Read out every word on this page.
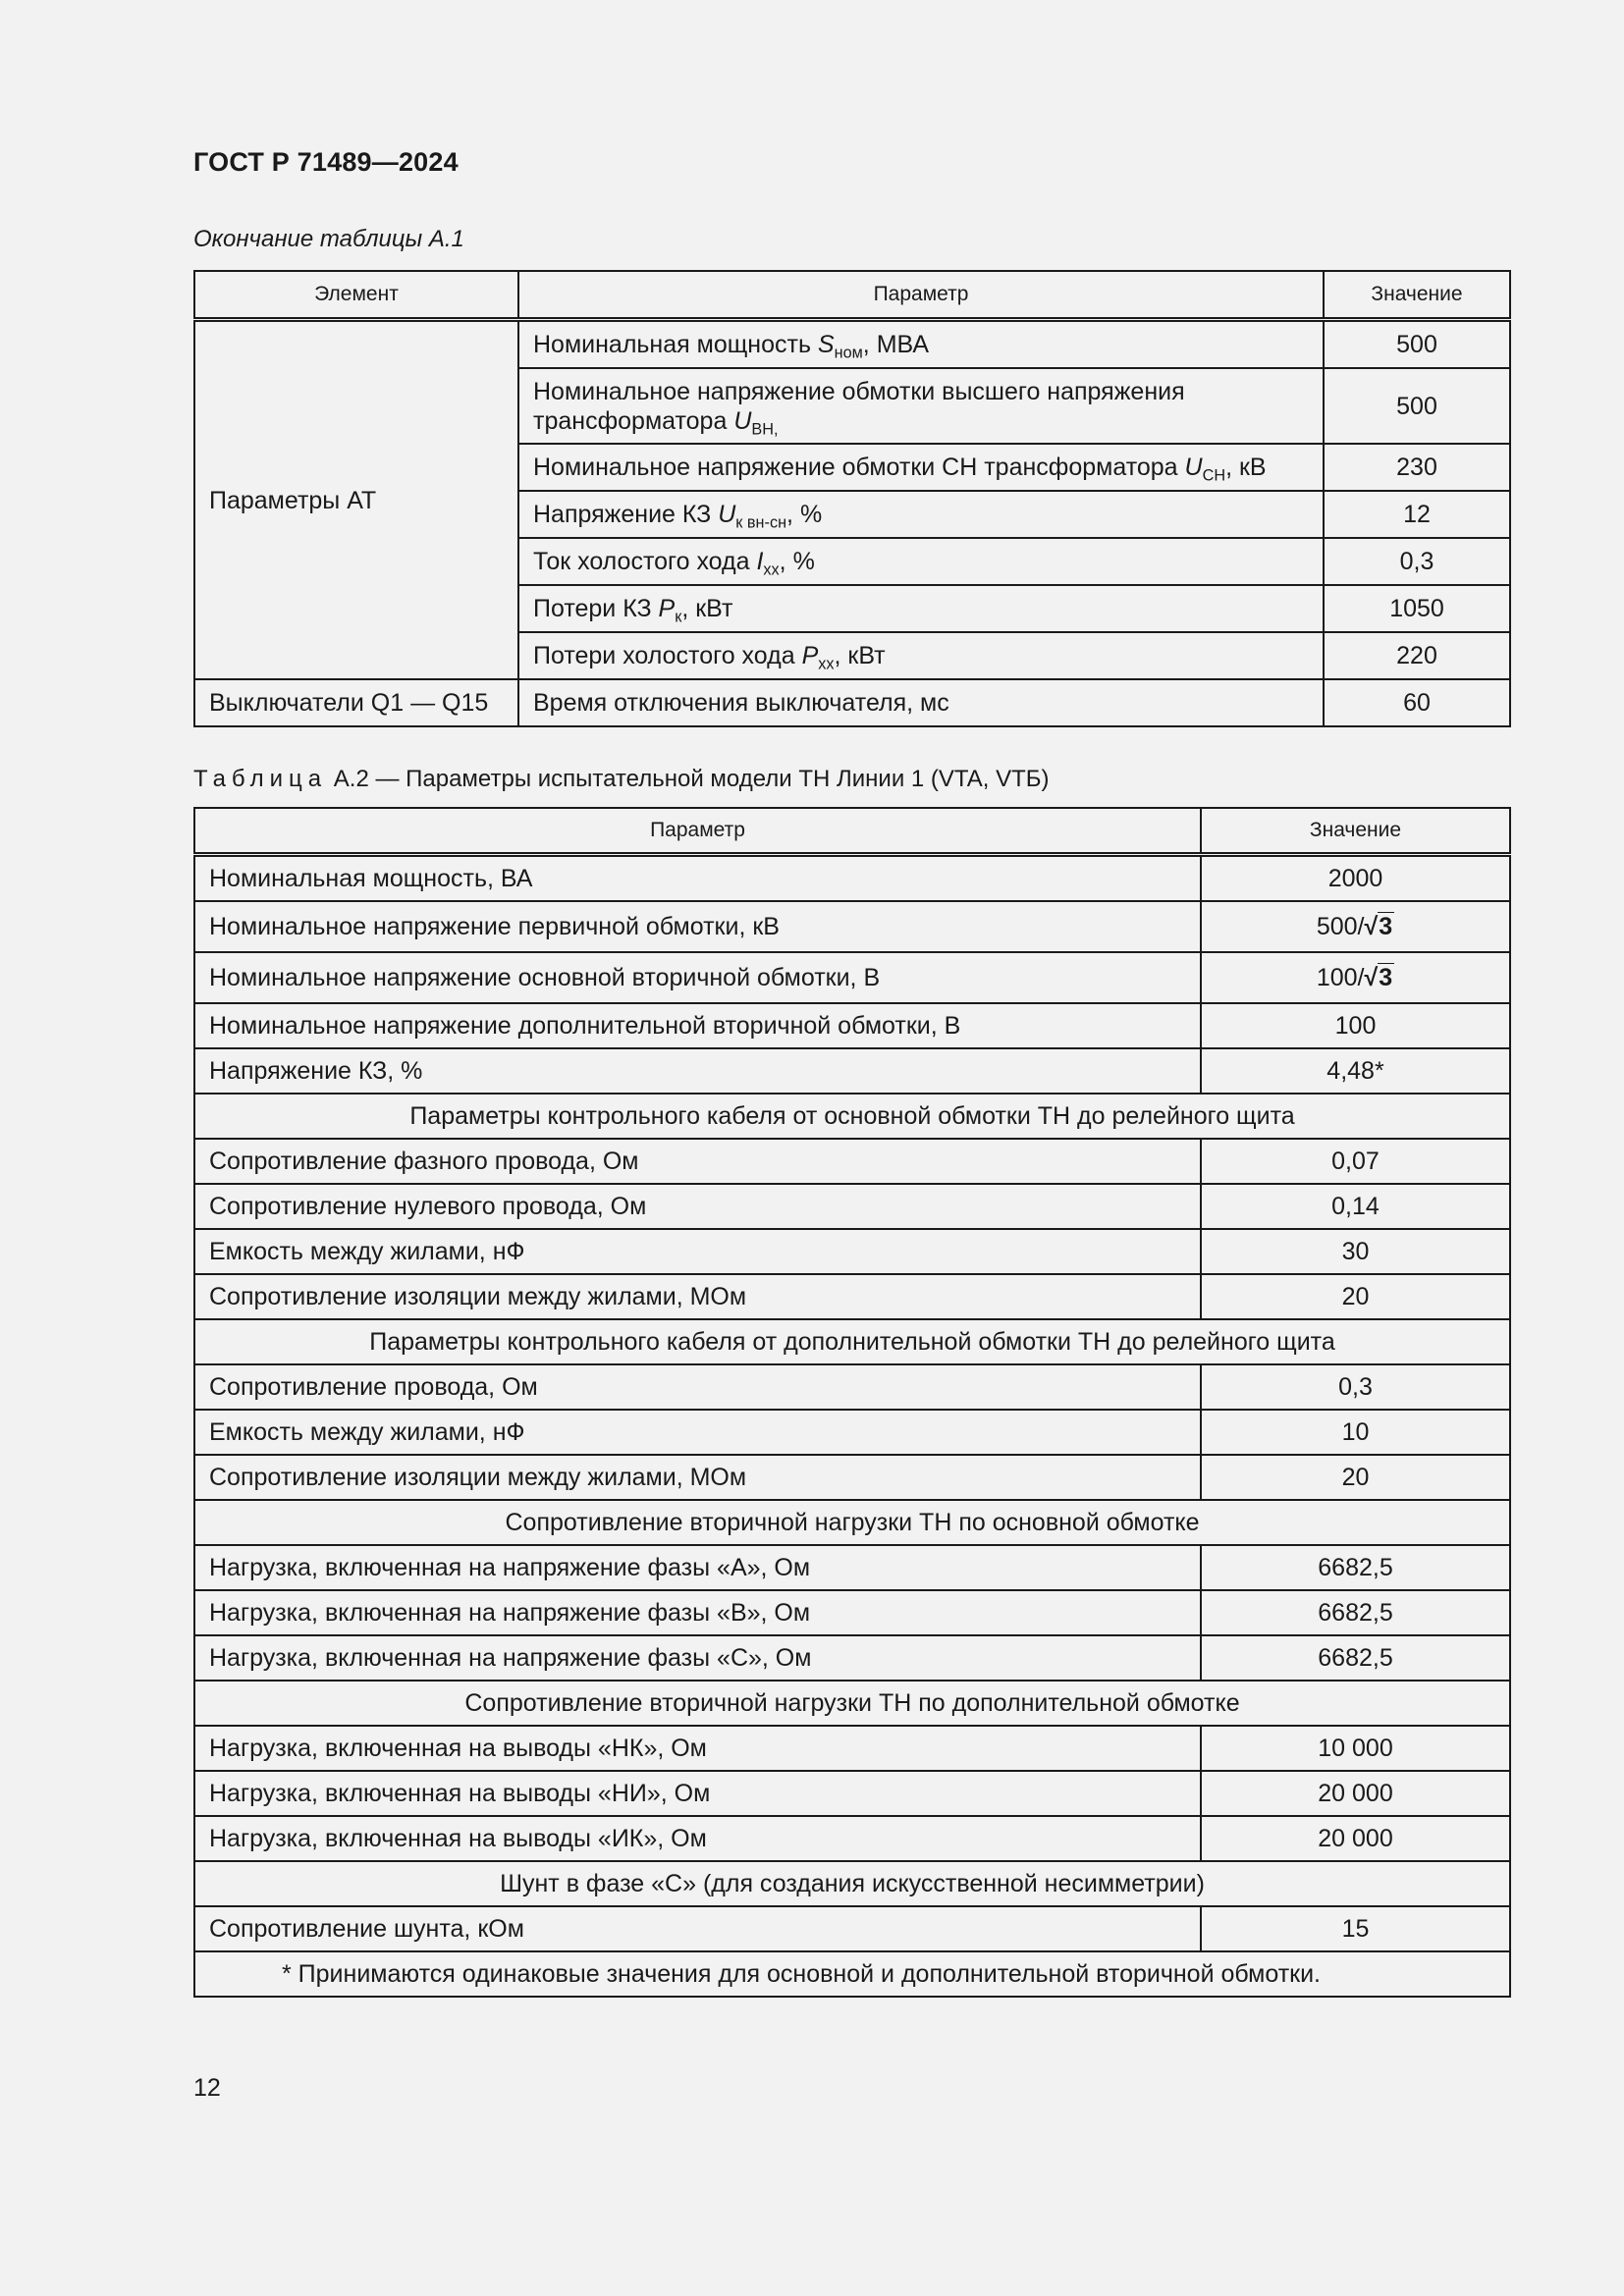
ГОСТ Р 71489—2024
Окончание таблицы А.1
Элемент	Параметр	Значение
Параметры АТ	Номинальная мощность $S_{ном}$, МВА	500
	Номинальное напряжение обмотки высшего напряжения трансформатора $U_{ВН,}$	500
	Номинальное напряжение обмотки СН трансформатора $U_{СН}$, кВ	230
	Напряжение КЗ $U_{к вн-сн}$, %	12
	Ток холостого хода $I_{хх}$, %	0,3
	Потери КЗ $P_к$, кВт	1050
	Потери холостого хода $P_{хх}$, кВт	220
Выключатели Q1 — Q15	Время отключения выключателя, мс	60
Таблица А.2 — Параметры испытательной модели ТН Линии 1 (VTA, VTБ)
Параметр	Значение
Номинальная мощность, ВА	2000
Номинальное напряжение первичной обмотки, кВ	500/√3
Номинальное напряжение основной вторичной обмотки, В	100/√3
Номинальное напряжение дополнительной вторичной обмотки, В	100
Напряжение КЗ, %	4,48*
Параметры контрольного кабеля от основной обмотки ТН до релейного щита	
Сопротивление фазного провода, Ом	0,07
Сопротивление нулевого провода, Ом	0,14
Емкость между жилами, нФ	30
Сопротивление изоляции между жилами, МОм	20
Параметры контрольного кабеля от дополнительной обмотки ТН до релейного щита	
Сопротивление провода, Ом	0,3
Емкость между жилами, нФ	10
Сопротивление изоляции между жилами, МОм	20
Сопротивление вторичной нагрузки ТН по основной обмотке	
Нагрузка, включенная на напряжение фазы «А», Ом	6682,5
Нагрузка, включенная на напряжение фазы «В», Ом	6682,5
Нагрузка, включенная на напряжение фазы «С», Ом	6682,5
Сопротивление вторичной нагрузки ТН по дополнительной обмотке	
Нагрузка, включенная на выводы «НК», Ом	10 000
Нагрузка, включенная на выводы «НИ», Ом	20 000
Нагрузка, включенная на выводы «ИК», Ом	20 000
Шунт в фазе «С» (для создания искусственной несимметрии)	
Сопротивление шунта, кОм	15
* Принимаются одинаковые значения для основной и дополнительной вторичной обмотки.	
12
